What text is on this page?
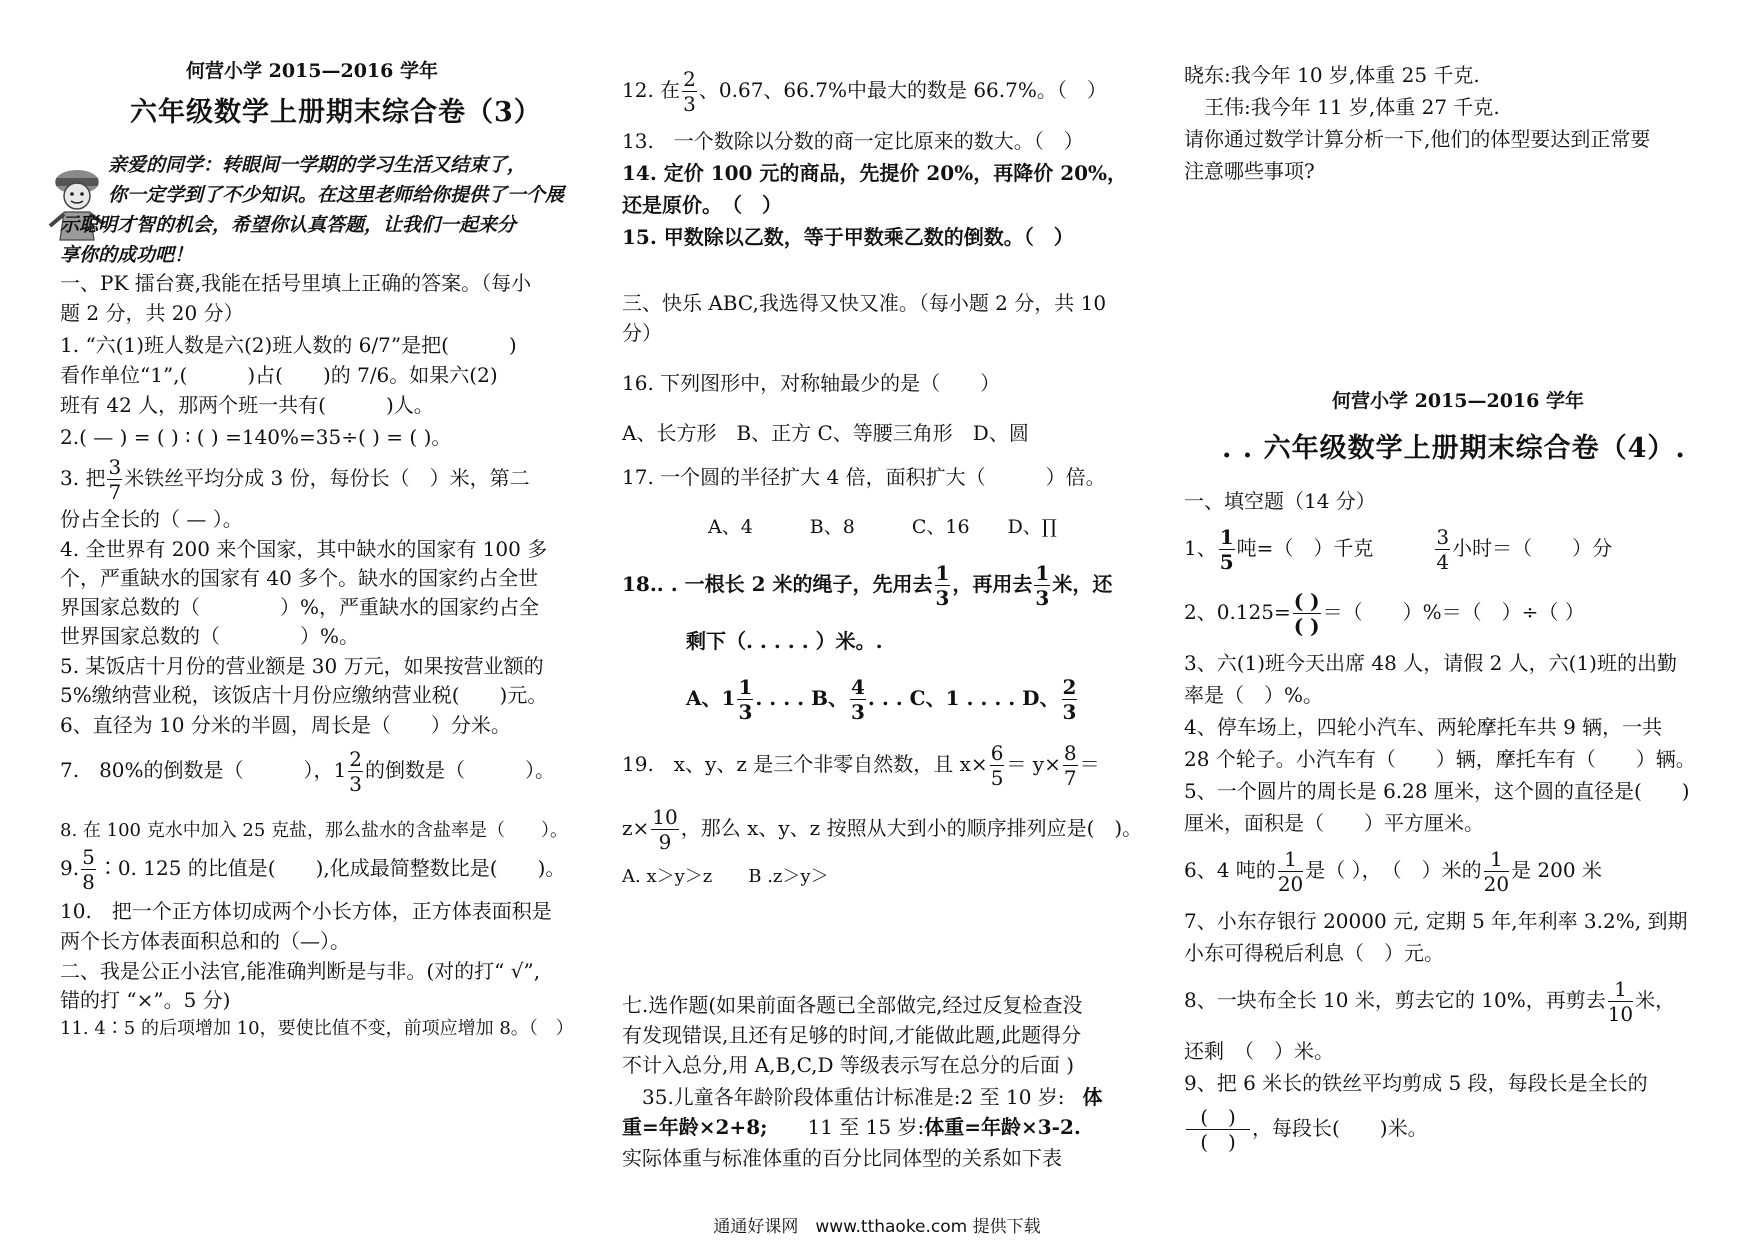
何营小学 2015—2016 学年
六年级数学上册期末综合卷（3）
亲爱的同学：转眼间一学期的学习生活又结束了，
你一定学到了不少知识。在这里老师给你提供了一个展
示聪明才智的机会，希望你认真答题，让我们一起来分
享你的成功吧！
一、PK 擂台赛,我能在括号里填上正确的答案。（每小
题 2 分，共 20 分）
1. “六(1)班人数是六(2)班人数的 6/7”是把(　　　)
看作单位“1”,(　　　)占(　　)的 7/6。如果六(2)
班有 42 人，那两个班一共有(　　　)人。
2.( — ) = ( ) ∶ ( ) =140%=35÷( ) = ( )。
3. 把 $\frac{3}{7}$ 米铁丝平均分成 3 份，每份长（　）米，第二
份占全长的（ — ）。
4. 全世界有 200 来个国家，其中缺水的国家有 100 多
个，严重缺水的国家有 40 多个。缺水的国家约占全世
界国家总数的（　　　　）%，严重缺水的国家约占全
世界国家总数的（　　　　）%。
5. 某饭店十月份的营业额是 30 万元，如果按营业额的
5%缴纳营业税，该饭店十月份应缴纳营业税(　　)元。
6、直径为 10 分米的半圆，周长是（　　）分米。
7.　80%的倒数是（　　　），$1 \frac{2}{3}$ 的倒数是（　　　）。
8. 在 100 克水中加入 25 克盐，那么盐水的含盐率是（　　）。
9. $\frac{5}{8}$ ∶0. 125 的比值是(　　),化成最简整数比是(　　)。
10.　把一个正方体切成两个小长方体，正方体表面积是
两个长方体表面积总和的（—）。
二、我是公正小法官,能准确判断是与非。(对的打“ √”,
错的打 “×”。5 分)
11. 4∶5 的后项增加 10，要使比值不变，前项应增加 8。（　）
12. 在 $\frac{2}{3}$ 、0.67、66.7%中最大的数是 66.7%。（　）
13.　一个数除以分数的商一定比原来的数大。（　）
14. 定价 100 元的商品，先提价 20%，再降价 20%，
还是原价。　（　）
15. 甲数除以乙数，等于甲数乘乙数的倒数。（　）
三、快乐 ABC,我选得又快又准。（每小题 2 分，共 10
分）
16. 下列图形中，对称轴最少的是（　　）
A、长方形　B、正方 C、等腰三角形　D、圆
17. 一个圆的半径扩大 4 倍，面积扩大（　　　）倍。
A、4　　　B、8　　　C、16　　D、∏
18.. . 一根长 2 米的绳子，先用去 $\frac{1}{3}$ ，再用去 $\frac{1}{3}$ 米，还
剩下（. . . . . ）米。.
A、$1 \frac{1}{3}$ . . . . B、 $\frac{4}{3}$ . . . C、1 . . . . D、 $\frac{2}{3}$
19.　x、y、z 是三个非零自然数，且 $x\times \frac{6}{5} = y\times \frac{8}{7}$ ＝
$z\times \frac{10}{9}$ ，那么 x、y、z 按照从大到小的顺序排列应是(　)。
A. x＞y＞z　　B .z＞y＞
七.选作题(如果前面各题已全部做完,经过反复检查没
有发现错误,且还有足够的时间,才能做此题,此题得分
不计入总分,用 A,B,C,D 等级表示写在总分的后面 )
　35.儿童各年龄阶段体重估计标准是:2 至 10 岁: 体
重=年龄×2+8;　　11 至 15 岁:体重=年龄×3-2.
实际体重与标准体重的百分比同体型的关系如下表
晓东:我今年 10 岁,体重 25 千克.
　王伟:我今年 11 岁,体重 27 千克.
请你通过数学计算分析一下,他们的体型要达到正常要
注意哪些事项?
何营小学 2015—2016 学年
. . 六年级数学上册期末综合卷（4）.
一、填空题（14 分）
1、 $\frac{1}{5}$ 吨=（　）千克　　　 $\frac{3}{4}$ 小时＝（　　）分
2、$0.125= \frac{( )}{( )}$ ＝（　　）%＝（　）÷（ ）
3、六(1)班今天出席 48 人，请假 2 人，六(1)班的出勤
率是（　）%。
4、停车场上，四轮小汽车、两轮摩托车共 9 辆，一共
28 个轮子。小汽车有（　　）辆，摩托车有（　　）辆。
5、一个圆片的周长是 6.28 厘米，这个圆的直径是(　　)
厘米，面积是（　　）平方厘米。
6、4 吨的 $\frac{1}{20}$ 是（ ），　（　）米的 $\frac{1}{20}$ 是 200 米
7、小东存银行 20000 元, 定期 5 年,年利率 3.2%, 到期
小东可得税后利息（　）元。
8、一块布全长 10 米，剪去它的 10%，再剪去 $\frac{1}{10}$ 米，
还剩　（　）米。
9、把 6 米长的铁丝平均剪成 5 段，每段长是全长的
$\frac{( )}{( )}$ ，每段长(　　)米。
通通好课网　www.tthaoke.com 提供下载
